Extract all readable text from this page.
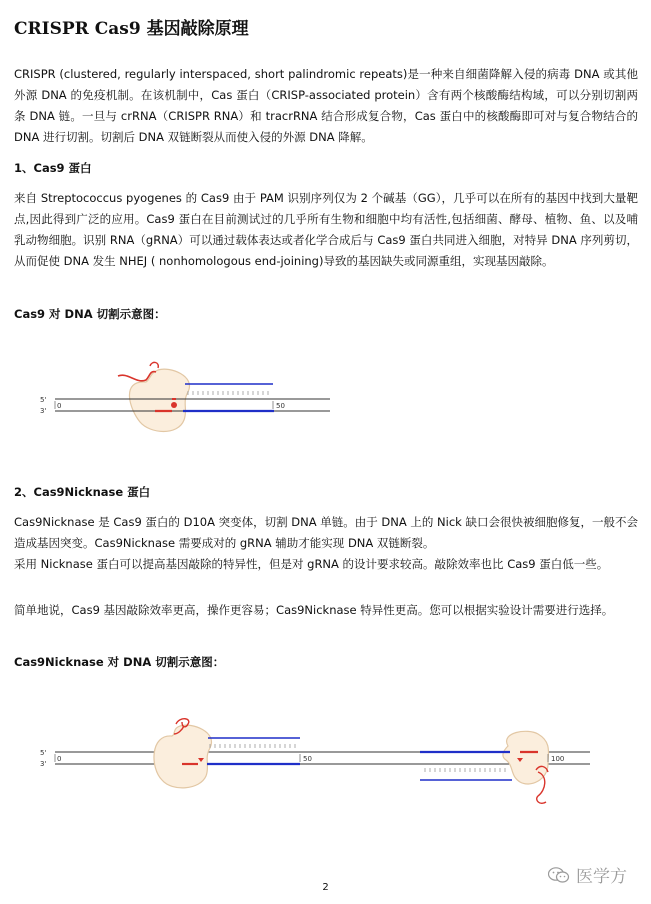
CRISPR Cas9 基因敲除原理

CRISPR (clustered, regularly interspaced, short palindromic repeats)是一种来自细菌降解入侵的病毒 DNA 或其他外源 DNA 的免疫机制。在该机制中，Cas 蛋白（CRISP-associated protein）含有两个核酸酶结构域，可以分别切割两条 DNA 链。一旦与 crRNA（CRISPR RNA）和 tracrRNA 结合形成复合物，Cas 蛋白中的核酸酶即可对与复合物结合的 DNA 进行切割。切割后 DNA 双链断裂从而使入侵的外源 DNA 降解。

1、Cas9 蛋白

来自 Streptococcus pyogenes 的 Cas9 由于 PAM 识别序列仅为 2 个碱基（GG），几乎可以在所有的基因中找到大量靶点,因此得到广泛的应用。Cas9 蛋白在目前测试过的几乎所有生物和细胞中均有活性,包括细菌、酵母、植物、鱼、以及哺乳动物细胞。识别 RNA（gRNA）可以通过载体表达或者化学合成后与 Cas9 蛋白共同进入细胞，对特异 DNA 序列剪切，从而促使 DNA 发生 NHEJ ( nonhomologous end-joining)导致的基因缺失或同源重组，实现基因敲除。

Cas9 对 DNA 切割示意图：

5'
3'
0	50

2、Cas9Nicknase 蛋白

Cas9Nicknase 是 Cas9 蛋白的 D10A 突变体，切割 DNA 单链。由于 DNA 上的 Nick 缺口会很快被细胞修复，一般不会造成基因突变。Cas9Nicknase 需要成对的 gRNA 辅助才能实现 DNA 双链断裂。

采用 Nicknase 蛋白可以提高基因敲除的特异性，但是对 gRNA 的设计要求较高。敲除效率也比 Cas9 蛋白低一些。

简单地说，Cas9 基因敲除效率更高，操作更容易；Cas9Nicknase 特异性更高。您可以根据实验设计需要进行选择。

Cas9Nicknase 对 DNA 切割示意图：

5'
3'
0	50	100
医学方
2
